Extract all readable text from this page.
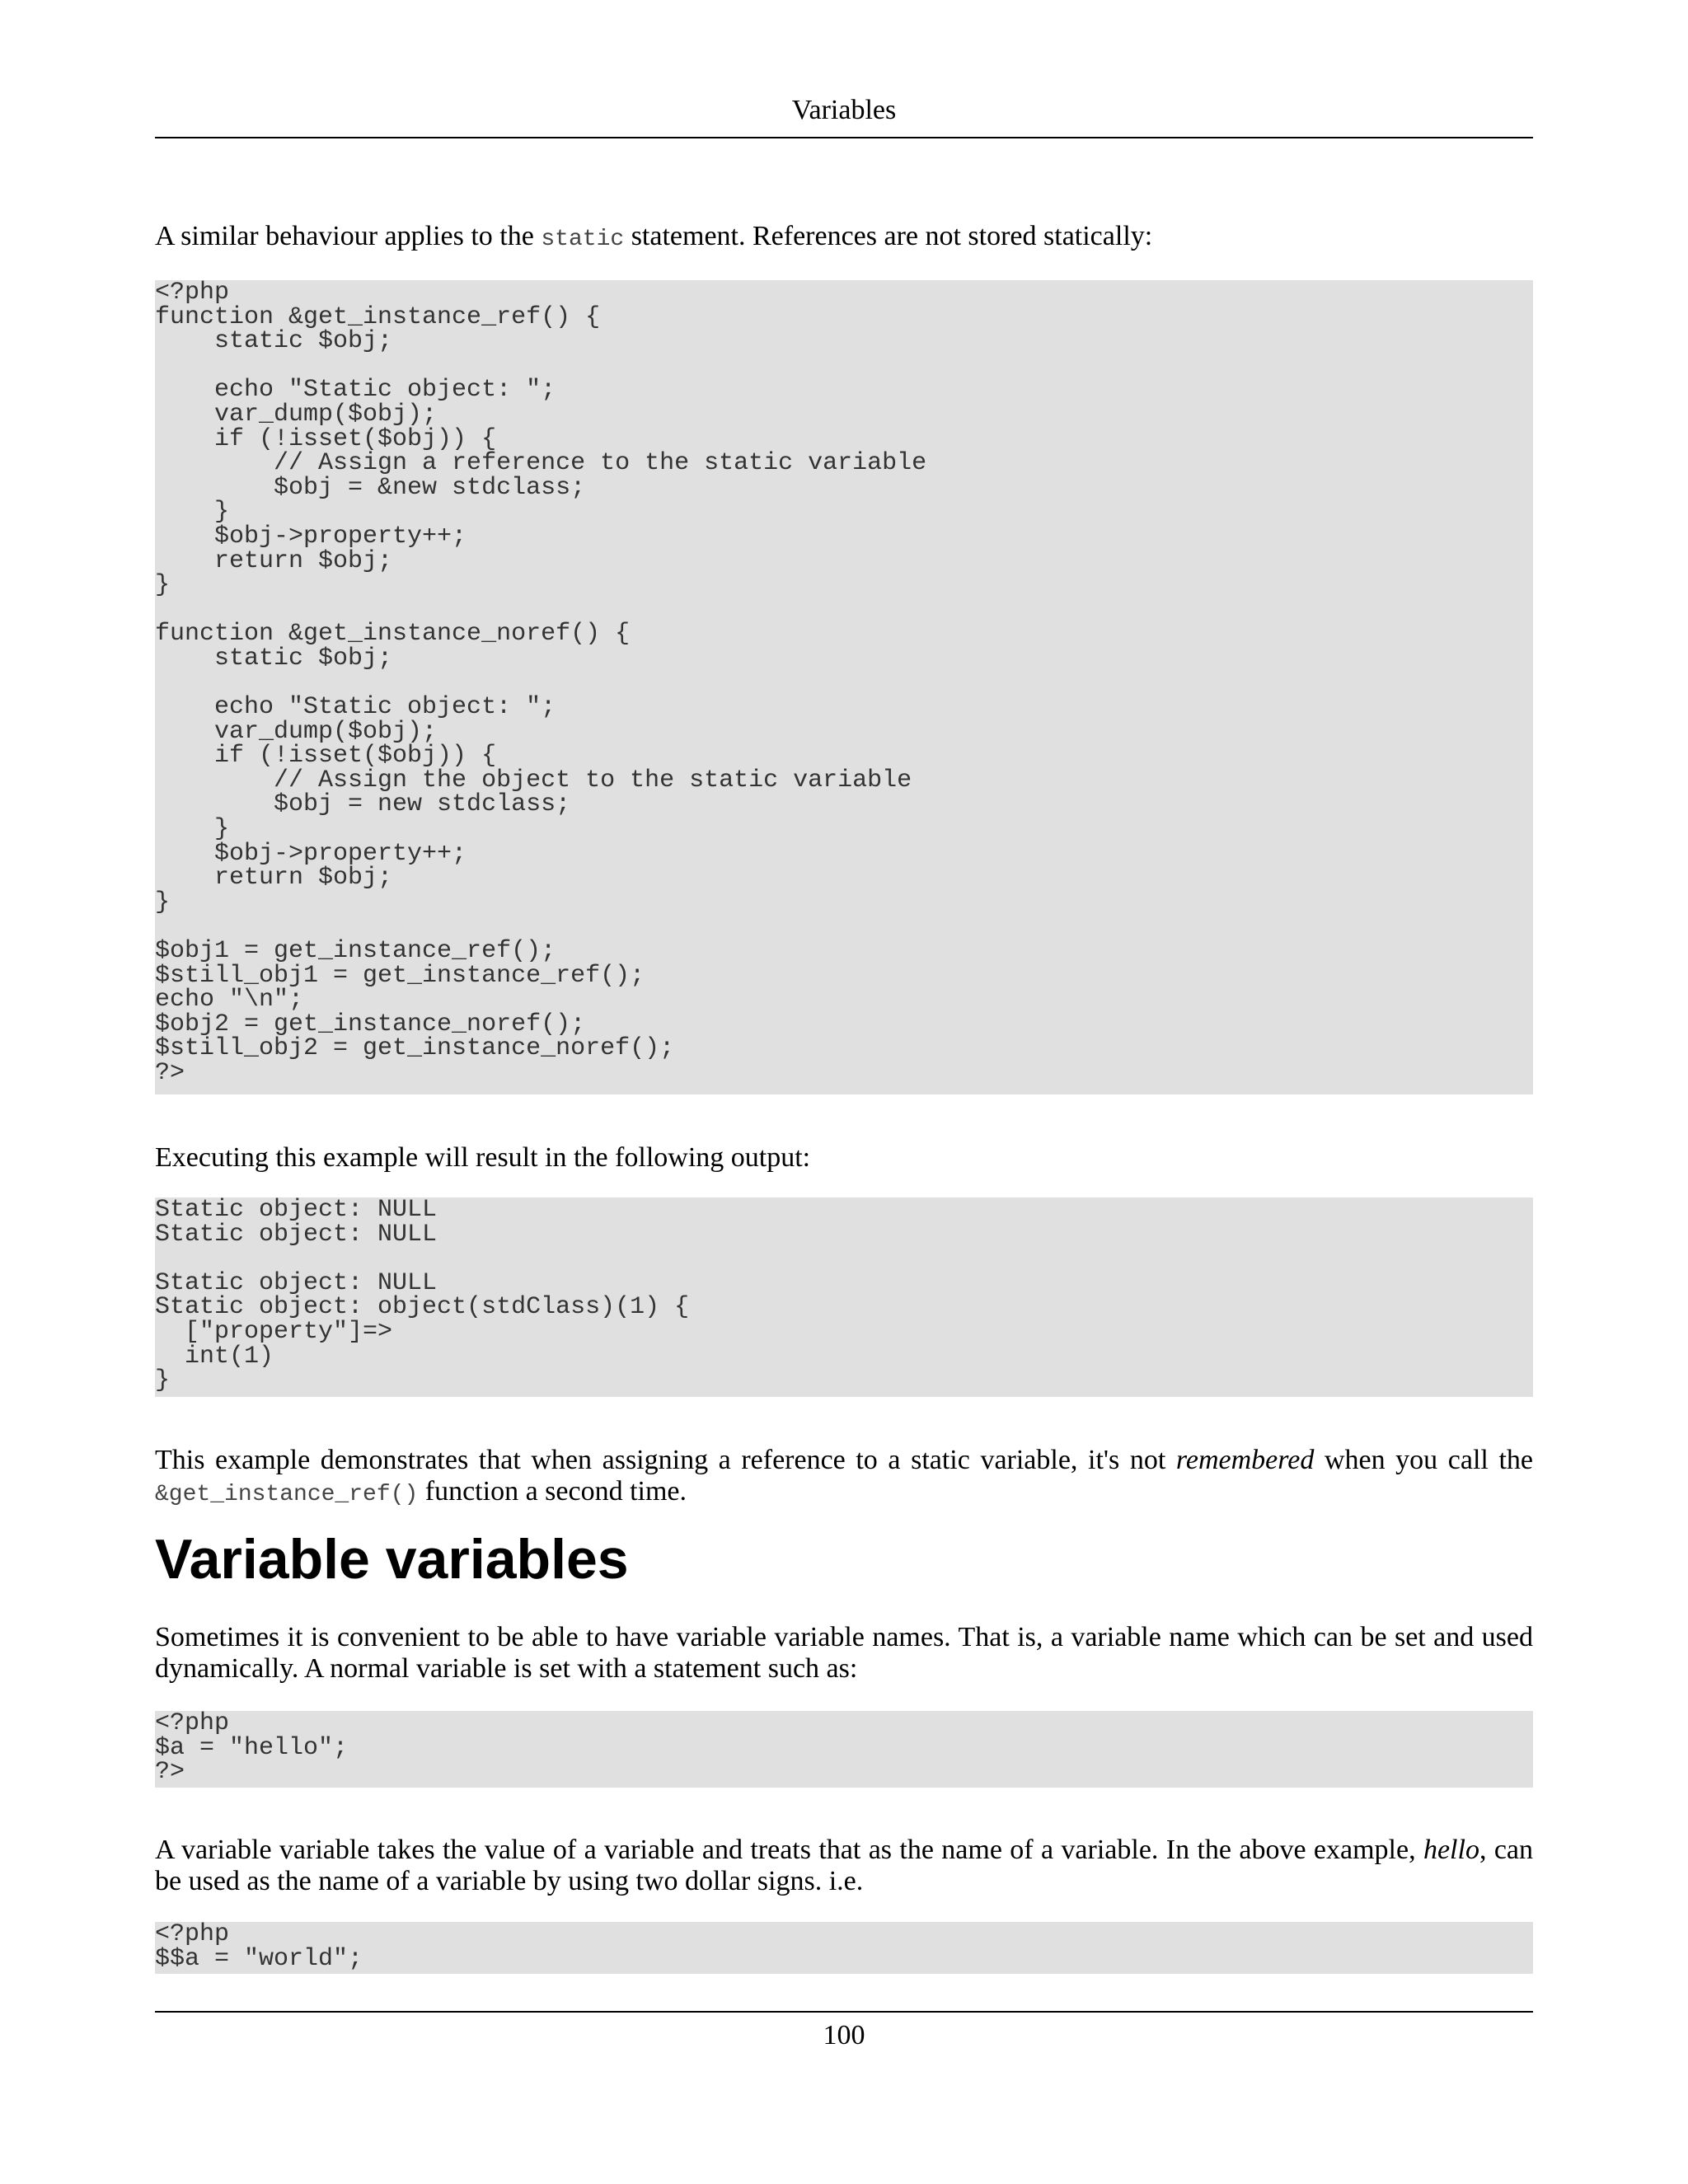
Variables

A similar behaviour applies to the static statement. References are not stored statically:

<?php
function &get_instance_ref() {
static $obj;

echo "Static object: ";
var_dump($obj);
if (!isset($obj)) {
// Assign a reference to the static variable
$obj = &new stdclass;
}
$obj->property++;
return $obj;
}

function &get_instance_noref() {
static $obj;

echo "Static object: ";
var_dump($obj);
if (!isset($obj)) {
// Assign the object to the static variable
$obj = new stdclass;
}
$obj->property++;
return $obj;
}

$obj1 = get_instance_ref();
$still_obj1 = get_instance_ref();
echo "\n";
$obj2 = get_instance_noref();
$still_obj2 = get_instance_noref();
?>

Executing this example will result in the following output:

Static object: NULL
Static object: NULL

Static object: NULL
Static object: object(stdClass)(1) {
["property"]=>
int(1)
}

This example demonstrates that when assigning a reference to a static variable, it's not remembered when you call the &get_instance_ref() function a second time.

Variable variables

Sometimes it is convenient to be able to have variable variable names. That is, a variable name which can be set and used dynamically. A normal variable is set with a statement such as:

<?php
$a = "hello";
?>

A variable variable takes the value of a variable and treats that as the name of a variable. In the above example, hello, can be used as the name of a variable by using two dollar signs. i.e.

<?php
$$a = "world";
100
